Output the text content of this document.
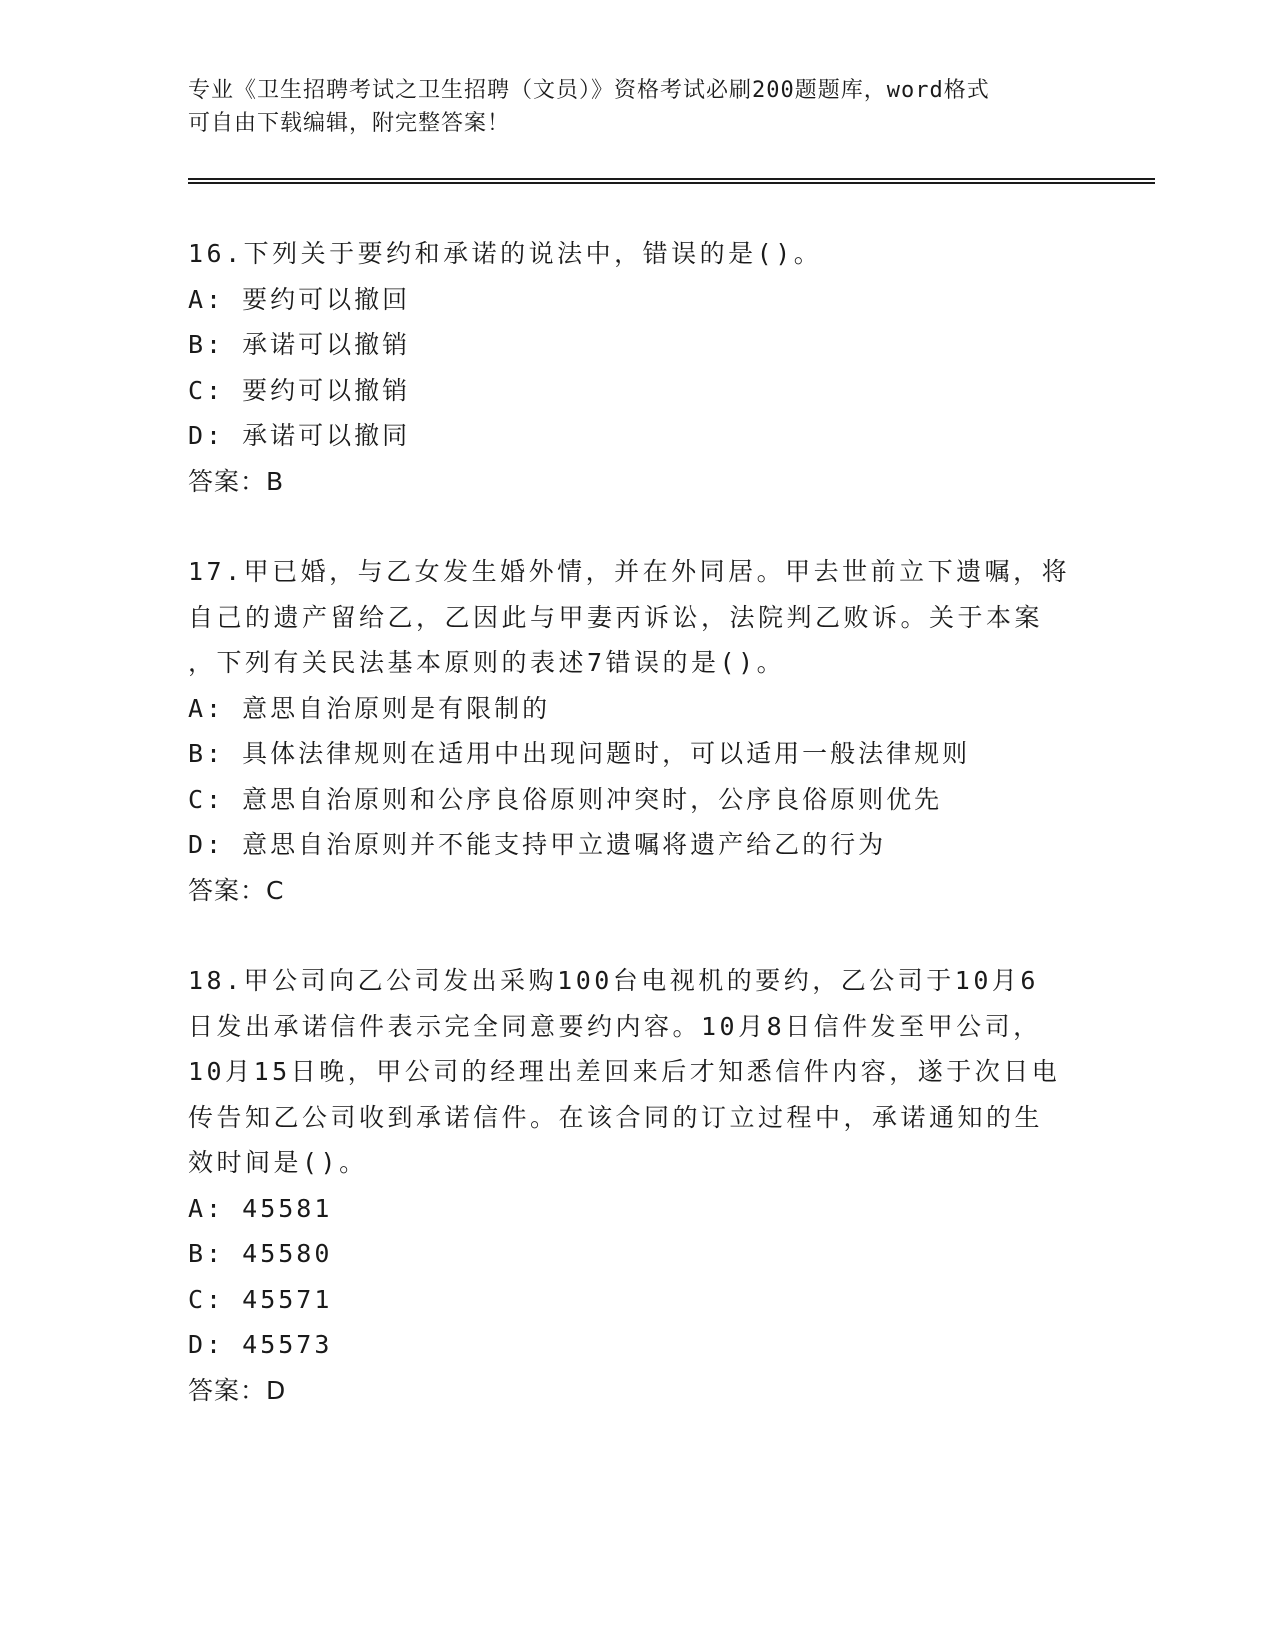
专业《卫生招聘考试之卫生招聘（文员）》资格考试必刷200题题库，word格式
可自由下载编辑，附完整答案！
16.下列关于要约和承诺的说法中，错误的是()。
A: 要约可以撤回
B: 承诺可以撤销
C: 要约可以撤销
D: 承诺可以撤同
答案：B
17.甲已婚，与乙女发生婚外情，并在外同居。甲去世前立下遗嘱，将
自己的遗产留给乙，乙因此与甲妻丙诉讼，法院判乙败诉。关于本案
，下列有关民法基本原则的表述7错误的是()。
A: 意思自治原则是有限制的
B: 具体法律规则在适用中出现问题时，可以适用一般法律规则
C: 意思自治原则和公序良俗原则冲突时，公序良俗原则优先
D: 意思自治原则并不能支持甲立遗嘱将遗产给乙的行为
答案：C
18.甲公司向乙公司发出采购100台电视机的要约，乙公司于10月6
日发出承诺信件表示完全同意要约内容。10月8日信件发至甲公司，
10月15日晚，甲公司的经理出差回来后才知悉信件内容，遂于次日电
传告知乙公司收到承诺信件。在该合同的订立过程中，承诺通知的生
效时间是()。
A: 45581
B: 45580
C: 45571
D: 45573
答案：D
